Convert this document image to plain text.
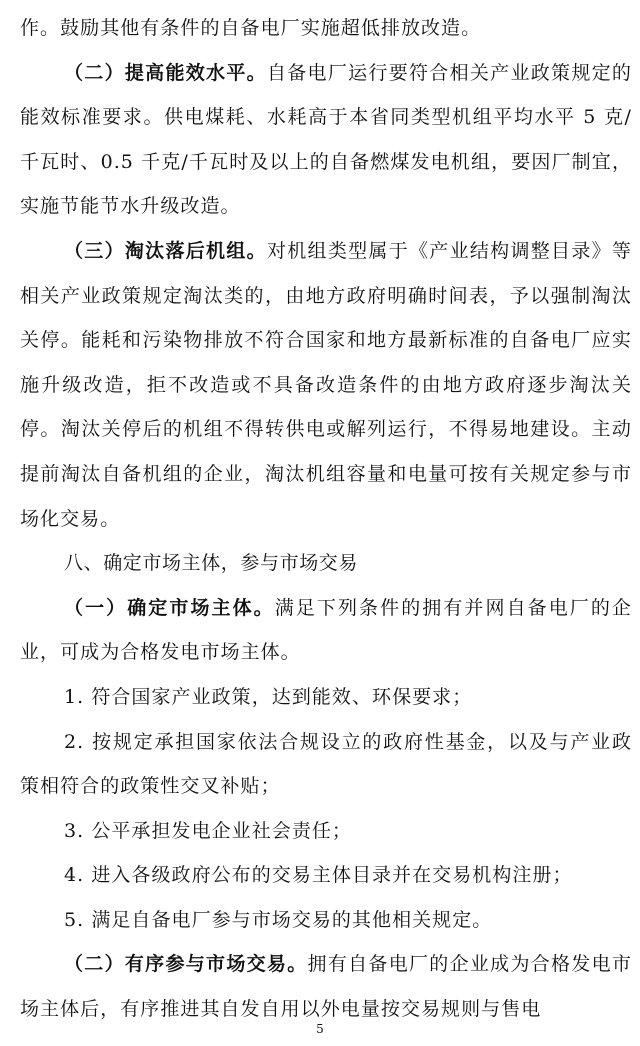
作。鼓励其他有条件的自备电厂实施超低排放改造。

（二）提高能效水平。自备电厂运行要符合相关产业政策规定的能效标准要求。供电煤耗、水耗高于本省同类型机组平均水平 5 克/千瓦时、0.5 千克/千瓦时及以上的自备燃煤发电机组，要因厂制宜，实施节能节水升级改造。

（三）淘汰落后机组。对机组类型属于《产业结构调整目录》等相关产业政策规定淘汰类的，由地方政府明确时间表，予以强制淘汰关停。能耗和污染物排放不符合国家和地方最新标准的自备电厂应实施升级改造，拒不改造或不具备改造条件的由地方政府逐步淘汰关停。淘汰关停后的机组不得转供电或解列运行，不得易地建设。主动提前淘汰自备机组的企业，淘汰机组容量和电量可按有关规定参与市场化交易。

八、确定市场主体，参与市场交易

（一）确定市场主体。满足下列条件的拥有并网自备电厂的企业，可成为合格发电市场主体。

1. 符合国家产业政策，达到能效、环保要求；

2. 按规定承担国家依法合规设立的政府性基金，以及与产业政策相符合的政策性交叉补贴；

3. 公平承担发电企业社会责任；

4. 进入各级政府公布的交易主体目录并在交易机构注册；

5. 满足自备电厂参与市场交易的其他相关规定。

（二）有序参与市场交易。拥有自备电厂的企业成为合格发电市场主体后，有序推进其自发自用以外电量按交易规则与售电

5
